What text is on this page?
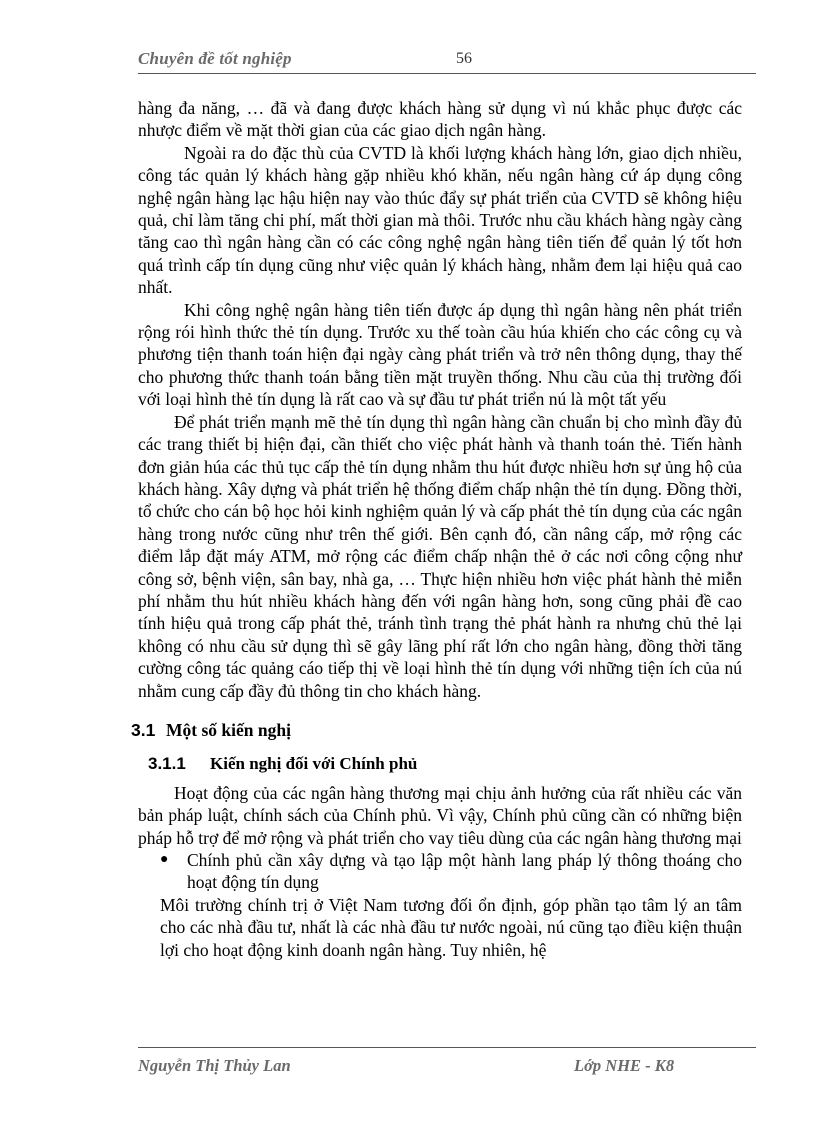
Chuyên đề tốt nghiệp	56

hàng đa năng, … đã và đang được khách hàng sử dụng vì nú khắc phục được các nhược điểm về mặt thời gian của các giao dịch ngân hàng.

Ngoài ra do đặc thù của CVTD là khối lượng khách hàng lớn, giao dịch nhiều, công tác quản lý khách hàng gặp nhiều khó khăn, nếu ngân hàng cứ áp dụng công nghệ ngân hàng lạc hậu hiện nay vào thúc đẩy sự phát triển của CVTD sẽ không hiệu quả, chỉ làm tăng chi phí, mất thời gian mà thôi. Trước nhu cầu khách hàng ngày càng tăng cao thì ngân hàng cần có các công nghệ ngân hàng tiên tiến để quản lý tốt hơn quá trình cấp tín dụng cũng như việc quản lý khách hàng, nhằm đem lại hiệu quả cao nhất.

Khi công nghệ ngân hàng tiên tiến được áp dụng thì ngân hàng nên phát triển rộng rói hình thức thẻ tín dụng. Trước xu thế toàn cầu húa khiến cho các công cụ và phương tiện thanh toán hiện đại ngày càng phát triển và trở nên thông dụng, thay thế cho phương thức thanh toán bằng tiền mặt truyền thống. Nhu cầu của thị trường đối với loại hình thẻ tín dụng là rất cao và sự đầu tư phát triển nú là một tất yếu

Để phát triển mạnh mẽ thẻ tín dụng thì ngân hàng cần chuẩn bị cho mình đầy đủ các trang thiết bị hiện đại, cần thiết cho việc phát hành và thanh toán thẻ. Tiến hành đơn giản húa các thủ tục cấp thẻ tín dụng nhằm thu hút được nhiều hơn sự ủng hộ của khách hàng. Xây dựng và phát triển hệ thống điểm chấp nhận thẻ tín dụng. Đồng thời, tổ chức cho cán bộ học hỏi kinh nghiệm quản lý và cấp phát thẻ tín dụng của các ngân hàng trong nước cũng như trên thế giới. Bên cạnh đó, cần nâng cấp, mở rộng các điểm lắp đặt máy ATM, mở rộng các điểm chấp nhận thẻ ở các nơi công cộng như công sở, bệnh viện, sân bay, nhà ga, … Thực hiện nhiều hơn việc phát hành thẻ miễn phí nhằm thu hút nhiều khách hàng đến với ngân hàng hơn, song cũng phải đề cao tính hiệu quả trong cấp phát thẻ, tránh tình trạng thẻ phát hành ra nhưng chủ thẻ lại không có nhu cầu sử dụng thì sẽ gây lãng phí rất lớn cho ngân hàng, đồng thời tăng cường công tác quảng cáo tiếp thị về loại hình thẻ tín dụng với những tiện ích của nú nhằm cung cấp đầy đủ thông tin cho khách hàng.

3.1 Một số kiến nghị
3.1.1 Kiến nghị đối với Chính phủ

Hoạt động của các ngân hàng thương mại chịu ảnh hưởng của rất nhiều các văn bản pháp luật, chính sách của Chính phủ. Vì vậy, Chính phủ cũng cần có những biện pháp hỗ trợ để mở rộng và phát triển cho vay tiêu dùng của các ngân hàng thương mại

●	Chính phủ cần xây dựng và tạo lập một hành lang pháp lý thông thoáng cho hoạt động tín dụng

Môi trường chính trị ở Việt Nam tương đối ổn định, góp phần tạo tâm lý an tâm cho các nhà đầu tư, nhất là các nhà đầu tư nước ngoài, nú cũng tạo điều kiện thuận lợi cho hoạt động kinh doanh ngân hàng. Tuy nhiên, hệ

Nguyễn Thị Thủy Lan	Lớp NHE - K8
